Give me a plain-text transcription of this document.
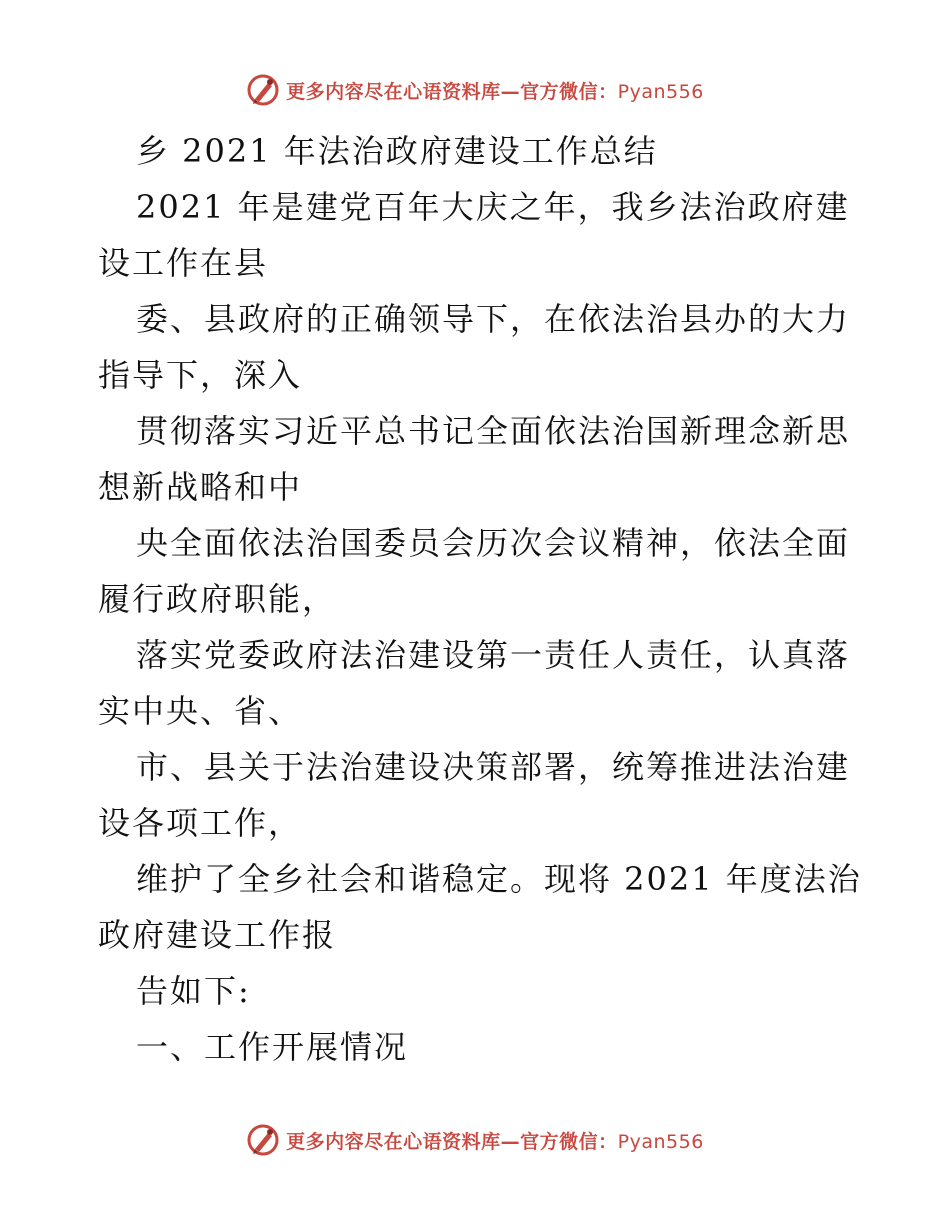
更多内容尽在心语资料库—官方微信：Pyan556
乡 2021 年法治政府建设工作总结
2021 年是建党百年大庆之年，我乡法治政府建
设工作在县
委、县政府的正确领导下，在依法治县办的大力
指导下，深入
贯彻落实习近平总书记全面依法治国新理念新思
想新战略和中
央全面依法治国委员会历次会议精神，依法全面
履行政府职能，
落实党委政府法治建设第一责任人责任，认真落
实中央、省、
市、县关于法治建设决策部署，统筹推进法治建
设各项工作，
维护了全乡社会和谐稳定。现将 2021 年度法治
政府建设工作报
告如下:
一、工作开展情况
更多内容尽在心语资料库—官方微信：Pyan556
